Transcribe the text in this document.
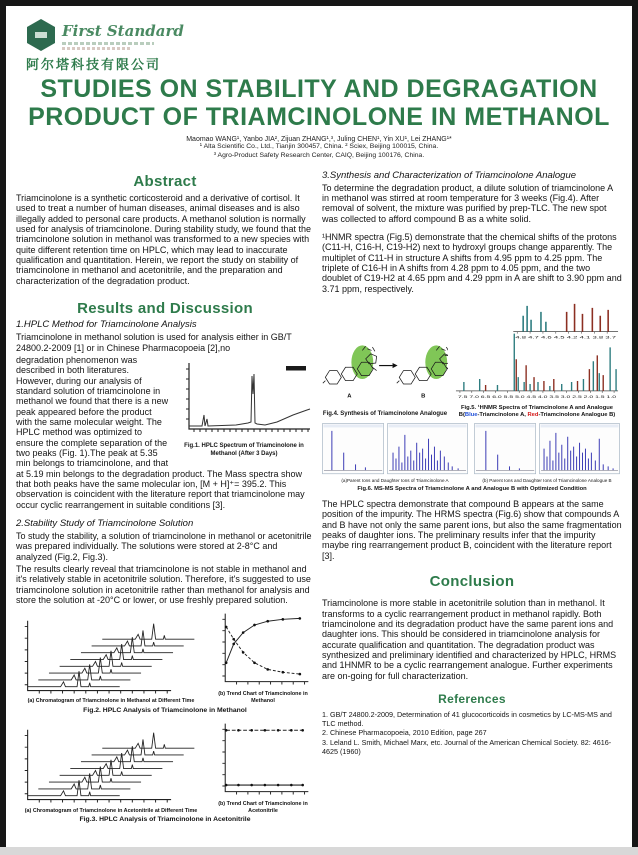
First Standard
阿尔塔科技有限公司
STUDIES ON STABILITY AND DEGRAGATION
PRODUCT OF TRIAMCINOLONE IN METHANOL
Maomao WANG¹, Yanbo JIA², Zijuan ZHANG¹,³, Juling CHEN¹, Yin XU¹, Lei ZHANG¹*
¹ Alta Scientific Co., Ltd., Tianjin 300457, China. ² Sciex, Beijing 100015, China.
³ Agro-Product Safety Research Center, CAIQ, Beijing 100176, China.
Abstract

Triamcinolone is a synthetic corticosteroid and a derivative of cortisol. It used to treat a number of human diseases, animal diseases and is also illegally added to personal care products. A methanol solution is normally used for analysis of triamcinolone. During stability study, we found that the triamcinolone solution in methanol was transformed to a new species with quite different retention time on HPLC, which may lead to inaccurate qualification and quantitation. Herein, we report the study on stability of triamcinolone in methanol and acetonitrile, and the preparation and characterization of the degradation product.

Results and Discussion
1.HPLC Method for Triamcinolone Analysis

Triamcinolone in methanol solution is used for analysis either in GB/T 24800.2-2009 [1] or in Chinese Pharmacopoeia [2],no

Fig.1. HPLC Spectrum of Triamcinolone in Methanol (After 3 Days)
degradation phenomenon was described in both literatures. However, during our analysis of standard solution of triamcinolone in methanol we found that there is a new peak appeared before the product with the same molecular weight. The HPLC method was optimized to ensure the complete separation of the two peaks (Fig. 1).The peak at 5.35 min belongs to triamcinolone, and that at 5.19 min belongs to the degradation product. The Mass spectra show that both peaks have the same molecular ion, [M + H]⁺= 395.2. This observation is coincident with the literature report that triamcinolone may occur cyclic rearrangement in suitable conditions [3].
2.Stability Study of Triamcinolone Solution

To study the stability, a solution of triamcinolone in methanol or acetonitrile was prepared individually. The solutions were stored at 2-8°C and analyzed (Fig.2, Fig.3).

The results clearly reveal that triamcinolone is not stable in methanol and it's relatively stable in acetonitrile solution. Therefore, it's suggested to use triamcinolone solution in acetonitrile rather than methanol for analysis and store the solution at -20°C or lower, or use freshly prepared solution.

(a) Chromatogram of Triamcinolone in Methanol at Different Time
(b) Trend Chart of Triamcinolone in Methanol
Fig.2. HPLC Analysis of Triamcinolone in Methanol
(a) Chromatogram of Triamcinolone in Acetonitrile at Different Time
(b) Trend Chart of Triamcinolone in Acetonitrile
Fig.3. HPLC Analysis of Triamcinolone in Acetonitrile
3.Synthesis and Characterization of Triamcinolone Analogue

To determine the degradation product, a dilute solution of triamcinolone A in methanol was stirred at room temperature for 3 weeks (Fig.4). After removal of solvent, the mixture was purified by prep-TLC. The new spot was collected to afford compound B as a white solid.

¹HNMR spectra (Fig.5) demonstrate that the chemical shifts of the protons (C11-H, C16-H, C19-H2) next to hydroxyl groups change apparently. The multiplet of C11-H in structure A shifts from 4.95 ppm to 4.25 ppm. The triplete of C16-H in A shifts from 4.28 ppm to 4.05 ppm, and the two doublet of C19-H2 at 4.65 ppm and 4.29 ppm in A are shift to 3.90 ppm and 3.71 ppm, respectively.

A	B
Fig.4. Synthesis of Triamcinolone Analogue
4.8 4.7 4.6 4.5 4.2 4.1 3.8 3.7
7.5 7.0 6.5 6.0 5.5 5.0 4.5 4.0 3.5 3.0 2.5 2.0 1.5 1.0
Fig.5. ¹HNMR Spectra of Triamcinolone A and Analogue B(Blue-Triamcinolone A, Red-Triamcinolone Analogue B)
(a)Parent Ions and Daughter Ions of Triamcinolone A	(b) Parent Ions and Daughter Ions of Triamcinolone Analogue B
Fig.6. MS-MS Spectra of Triamcinolone A and Analogue B with Optimized Condition

The HPLC spectra demonstrate that compound B appears at the same position of the impurity. The HRMS spectra (Fig.6) show that compounds A and B have not only the same parent ions, but also the same fragmentation peaks of daughter ions. The preliminary results infer that the impurity maybe ring rearrangement product B, coincident with the literature report [3].

Conclusion

Triamcinolone is more stable in acetonitrile solution than in methanol. It transforms to a cyclic rearrangement product in methanol rapidly. Both triamcinolone and its degradation product have the same parent ions and daughter ions. This should be considered in triamcinolone analysis for accurate qualification and quantitation. The degradation product was synthesized and preliminary identified and characterized by HPLC, HRMS and 1HNMR to be a cyclic rearrangement analogue. Further experiments are on-going for full characterization.

References
1. GB/T 24800.2-2009, Determination of 41 glucocorticoids in cosmetics by LC-MS-MS and TLC method.
2. Chinese Pharmacopoeia, 2010 Edition, page 267
3. Leland L. Smith, Michael Marx, etc. Journal of the American Chemical Society. 82: 4616-4625 (1960)
